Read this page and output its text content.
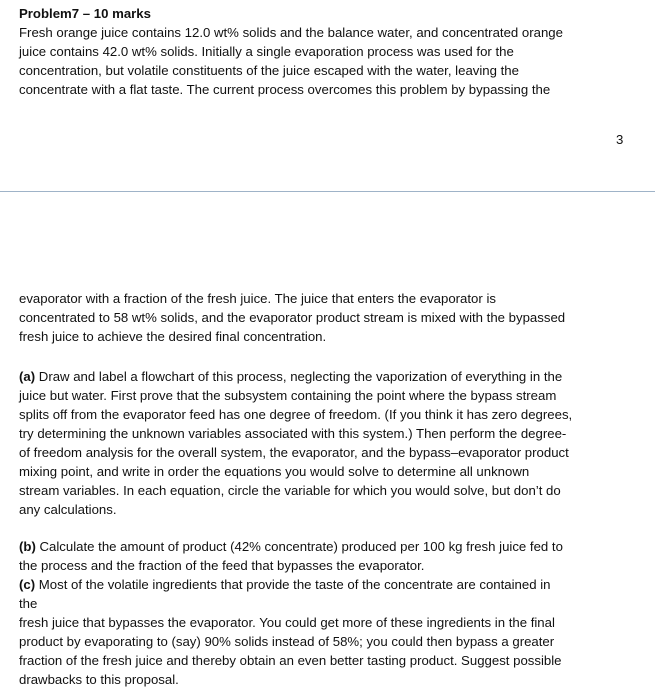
Problem7 – 10 marks
Fresh orange juice contains 12.0 wt% solids and the balance water, and concentrated orange
juice contains 42.0 wt% solids. Initially a single evaporation process was used for the
concentration, but volatile constituents of the juice escaped with the water, leaving the
concentrate with a flat taste. The current process overcomes this problem by bypassing the
3
evaporator with a fraction of the fresh juice. The juice that enters the evaporator is
concentrated to 58 wt% solids, and the evaporator product stream is mixed with the bypassed
fresh juice to achieve the desired final concentration.
(a) Draw and label a flowchart of this process, neglecting the vaporization of everything in the
juice but water. First prove that the subsystem containing the point where the bypass stream
splits off from the evaporator feed has one degree of freedom. (If you think it has zero degrees,
try determining the unknown variables associated with this system.) Then perform the degree-
of freedom analysis for the overall system, the evaporator, and the bypass–evaporator product
mixing point, and write in order the equations you would solve to determine all unknown
stream variables. In each equation, circle the variable for which you would solve, but don’t do
any calculations.
(b) Calculate the amount of product (42% concentrate) produced per 100 kg fresh juice fed to
the process and the fraction of the feed that bypasses the evaporator.
(c) Most of the volatile ingredients that provide the taste of the concentrate are contained in
the
fresh juice that bypasses the evaporator. You could get more of these ingredients in the final
product by evaporating to (say) 90% solids instead of 58%; you could then bypass a greater
fraction of the fresh juice and thereby obtain an even better tasting product. Suggest possible
drawbacks to this proposal.
